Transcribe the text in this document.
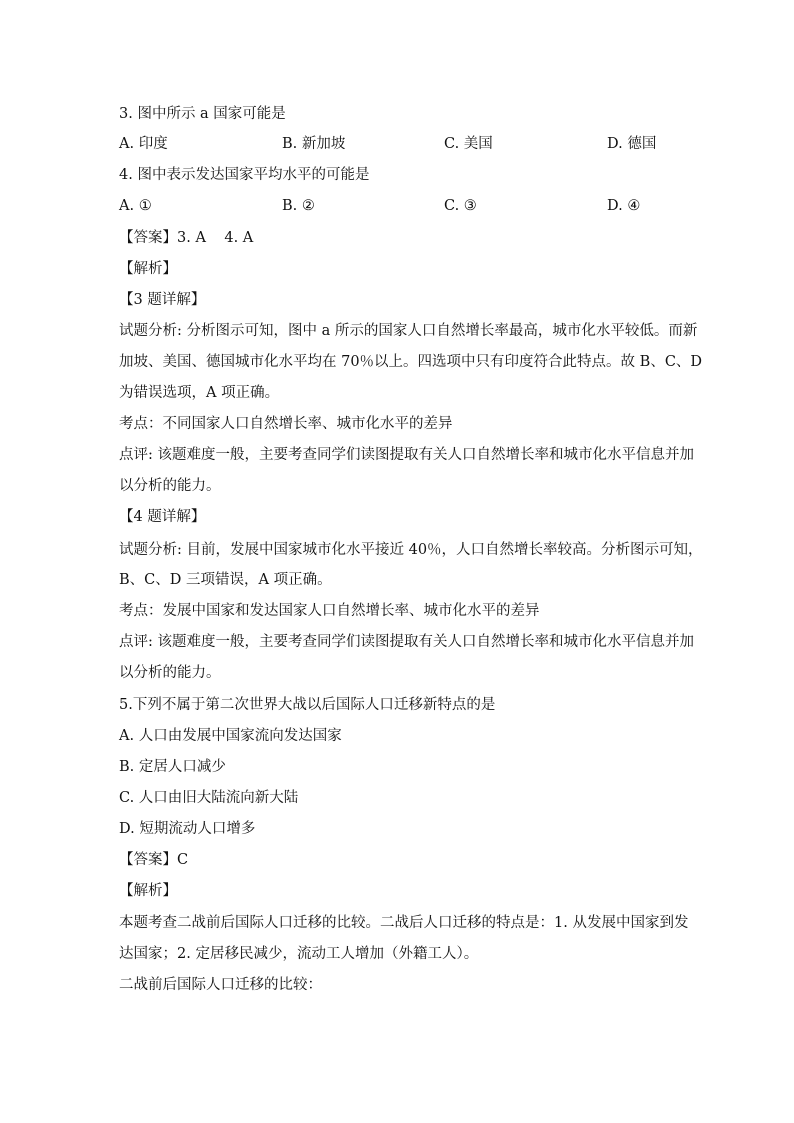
3. 图中所示 a 国家可能是
A. 印度	B. 新加坡	C. 美国	D. 德国
4. 图中表示发达国家平均水平的可能是
A. ①	B. ②	C. ③	D. ④
【答案】3. A    4. A
【解析】
【3 题详解】
试题分析: 分析图示可知，图中 a 所示的国家人口自然增长率最高，城市化水平较低。而新
加坡、美国、德国城市化水平均在 70％以上。四选项中只有印度符合此特点。故 B、C、D
为错误选项，A 项正确。
考点：不同国家人口自然增长率、城市化水平的差异
点评: 该题难度一般，主要考查同学们读图提取有关人口自然增长率和城市化水平信息并加
以分析的能力。
【4 题详解】
试题分析: 目前，发展中国家城市化水平接近 40％，人口自然增长率较高。分析图示可知，
B、C、D 三项错误，A 项正确。
考点：发展中国家和发达国家人口自然增长率、城市化水平的差异
点评: 该题难度一般，主要考查同学们读图提取有关人口自然增长率和城市化水平信息并加
以分析的能力。
5.下列不属于第二次世界大战以后国际人口迁移新特点的是
A. 人口由发展中国家流向发达国家
B. 定居人口减少
C. 人口由旧大陆流向新大陆
D. 短期流动人口增多
【答案】C
【解析】
本题考查二战前后国际人口迁移的比较。二战后人口迁移的特点是：1. 从发展中国家到发
达国家；2. 定居移民减少，流动工人增加（外籍工人）。
二战前后国际人口迁移的比较：
